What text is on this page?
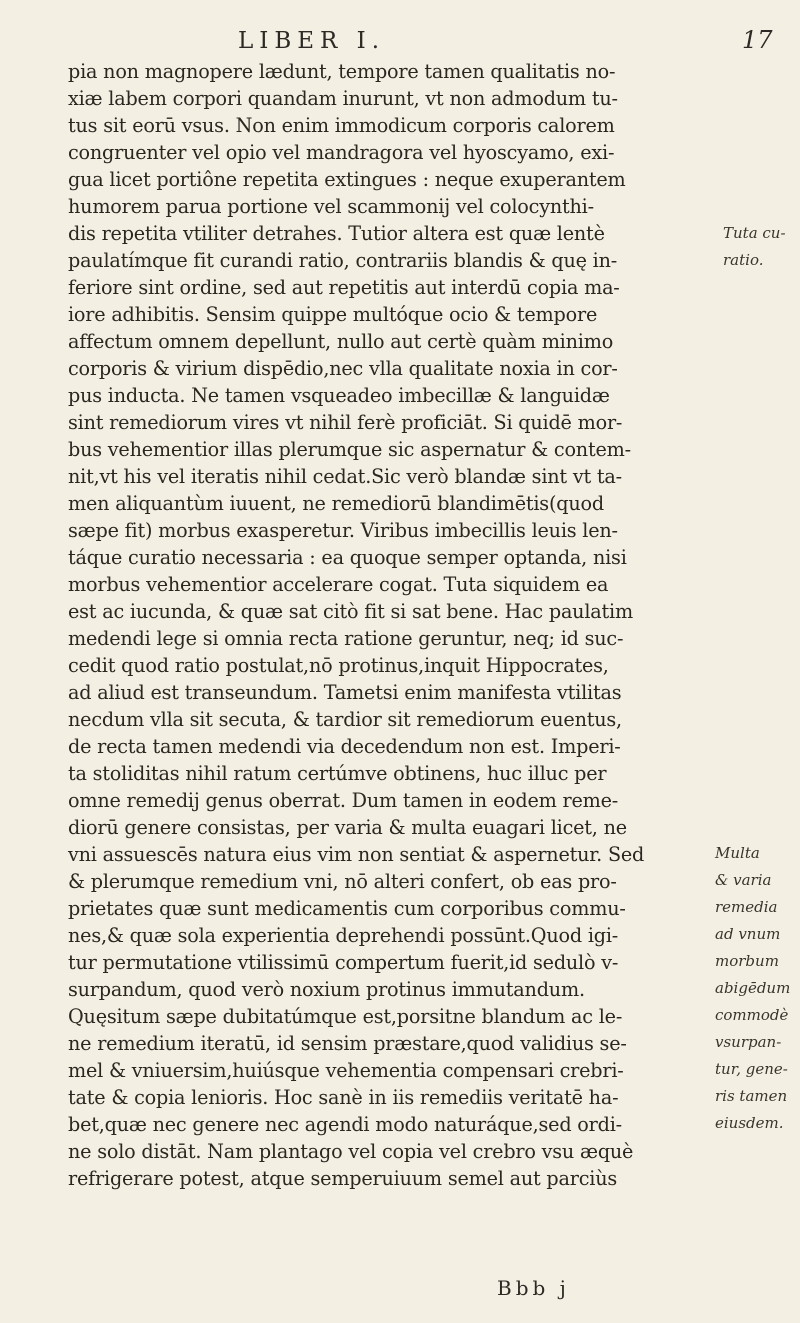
LIBER I.	17
pia non magnopere lædunt, tempore tamen qualitatis no-
xiæ labem corpori quandam inurunt, vt non admodum tu-
tus sit eorū vsus. Non enim immodicum corporis calorem
congruenter vel opio vel mandragora vel hyoscyamo, exi-
gua licet portiône repetita extingues : neque exuperantem
humorem parua portione vel scammonij vel colocynthi-
dis repetita vtiliter detrahes. Tutior altera est quæ lentè
paulatímque fit curandi ratio, contrariis blandis & quę in-
feriore sint ordine, sed aut repetitis aut interdū copia ma-
iore adhibitis. Sensim quippe multóque ocio & tempore
affectum omnem depellunt, nullo aut certè quàm minimo
corporis & virium dispēdio,nec vlla qualitate noxia in cor-
pus inducta. Ne tamen vsqueadeo imbecillæ & languidæ
sint remediorum vires vt nihil ferè proficiāt. Si quidē mor-
bus vehementior illas plerumque sic aspernatur & contem-
nit,vt his vel iteratis nihil cedat.Sic verò blandæ sint vt ta-
men aliquantùm iuuent, ne remediorū blandimētis(quod
sæpe fit) morbus exasperetur. Viribus imbecillis leuis len-
táque curatio necessaria : ea quoque semper optanda, nisi
morbus vehementior accelerare cogat. Tuta siquidem ea
est ac iucunda, & quæ sat citò fit si sat bene. Hac paulatim
medendi lege si omnia recta ratione geruntur, neq; id suc-
cedit quod ratio postulat,nō protinus,inquit Hippocrates,
ad aliud est transeundum. Tametsi enim manifesta vtilitas
necdum vlla sit secuta, & tardior sit remediorum euentus,
de recta tamen medendi via decedendum non est. Imperi-
ta stoliditas nihil ratum certúmve obtinens, huc illuc per
omne remedij genus oberrat. Dum tamen in eodem reme-
diorū genere consistas, per varia & multa euagari licet, ne
vni assuescēs natura eius vim non sentiat & aspernetur. Sed
& plerumque remedium vni, nō alteri confert, ob eas pro-
prietates quæ sunt medicamentis cum corporibus commu-
nes,& quæ sola experientia deprehendi possūnt.Quod igi-
tur permutatione vtilissimū compertum fuerit,id sedulò v-
surpandum, quod verò noxium protinus immutandum.
Quęsitum sæpe dubitatúmque est,porsitne blandum ac le-
ne remedium iteratū, id sensim præstare,quod validius se-
mel & vniuersim,huiúsque vehementia compensari crebri-
tate & copia lenioris. Hoc sanè in iis remediis veritatē ha-
bet,quæ nec genere nec agendi modo naturáque,sed ordi-
ne solo distāt. Nam plantago vel copia vel crebro vsu æquè
refrigerare potest, atque semperuiuum semel aut parciùs
Tuta cu-
ratio.
Multa
& varia
remedia
ad vnum
morbum
abigēdum
commodè
vsurpan-
tur, gene-
ris tamen
eiusdem.
Bbb j
